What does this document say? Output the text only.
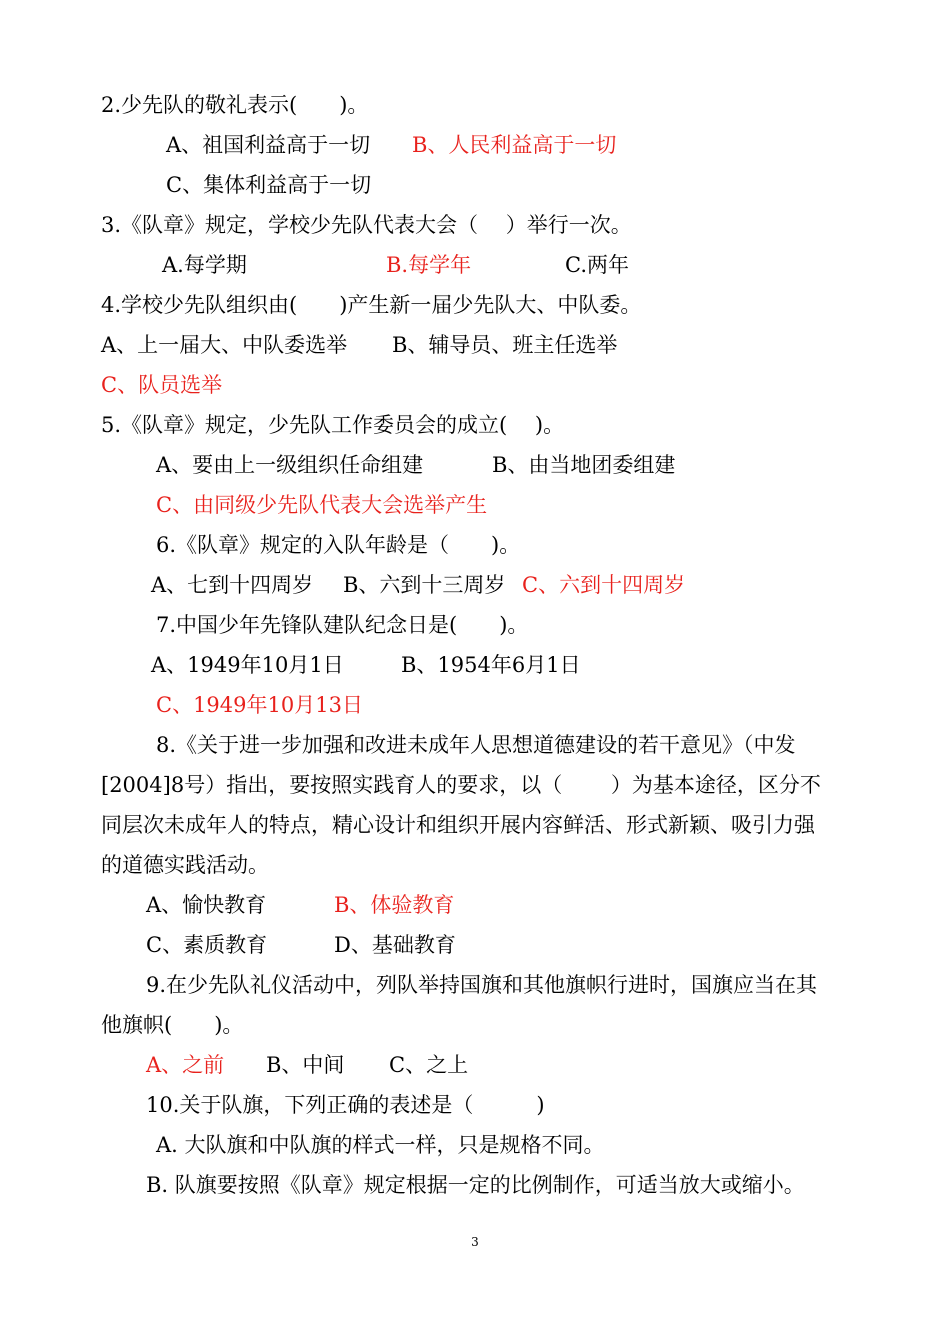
2.少先队的敬礼表示(　　)。
A、祖国利益高于一切 B、人民利益高于一切
C、集体利益高于一切
3.《队章》规定，学校少先队代表大会（　 ）举行一次。
A.每学期	B.每学年	C.两年
4.学校少先队组织由(　　)产生新一届少先队大、中队委。
A、上一届大、中队委选举 B、辅导员、班主任选举
C、队员选举
5.《队章》规定，少先队工作委员会的成立(　 )。
A、要由上一级组织任命组建	B、由当地团委组建
C、由同级少先队代表大会选举产生
6.《队章》规定的入队年龄是（　　)。
A、七到十四周岁 B、六到十三周岁 C、六到十四周岁
7.中国少年先锋队建队纪念日是(　　)。
A、1949年10月1日	B、1954年6月1日
C、1949年10月13日
8.《关于进一步加强和改进未成年人思想道德建设的若干意见》（中发
[2004]8号）指出，要按照实践育人的要求，以（　　 ）为基本途径，区分不
同层次未成年人的特点，精心设计和组织开展内容鲜活、形式新颖、吸引力强
的道德实践活动。
A、愉快教育	B、体验教育
C、素质教育	D、基础教育
9.在少先队礼仪活动中，列队举持国旗和其他旗帜行进时，国旗应当在其
他旗帜(　　)。
A、之前 B、中间 C、之上
10.关于队旗，下列正确的表述是（　　　)
A. 大队旗和中队旗的样式一样，只是规格不同。
B. 队旗要按照《队章》规定根据一定的比例制作，可适当放大或缩小。
3
